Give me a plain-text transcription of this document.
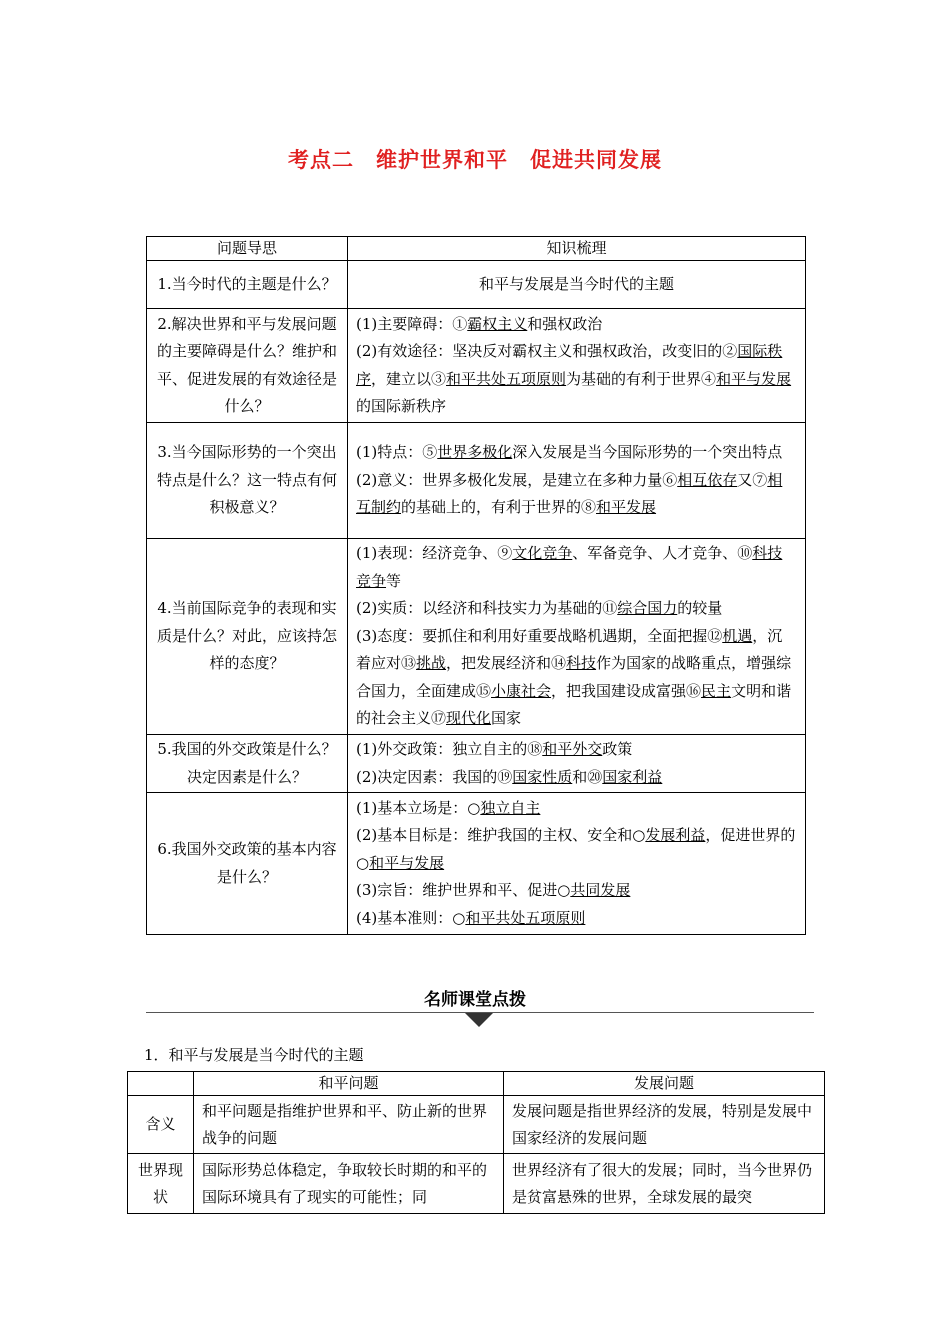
考点二　维护世界和平　促进共同发展
问题导思	知识梳理
1.当今时代的主题是什么？	和平与发展是当今时代的主题

2.解决世界和平与发展问题的主要障碍是什么？维护和平、促进发展的有效途径是什么？	(1)主要障碍：①霸权主义和强权政治
(2)有效途径：坚决反对霸权主义和强权政治，改变旧的②国际秩序，建立以③和平共处五项原则为基础的有利于世界④和平与发展的国际新秩序

3.当今国际形势的一个突出特点是什么？这一特点有何积极意义？	(1)特点：⑤世界多极化深入发展是当今国际形势的一个突出特点
(2)意义：世界多极化发展，是建立在多种力量⑥相互依存又⑦相互制约的基础上的，有利于世界的⑧和平发展

4.当前国际竞争的表现和实质是什么？对此，应该持怎样的态度？	(1)表现：经济竞争、⑨文化竞争、军备竞争、人才竞争、⑩科技竞争等
(2)实质：以经济和科技实力为基础的⑪综合国力的较量
(3)态度：要抓住和利用好重要战略机遇期，全面把握⑫机遇，沉着应对⑬挑战，把发展经济和⑭科技作为国家的战略重点，增强综合国力，全面建成⑮小康社会，把我国建设成富强⑯民主文明和谐的社会主义⑰现代化国家

5.我国的外交政策是什么？决定因素是什么？	(1)外交政策：独立自主的⑱和平外交政策
(2)决定因素：我国的⑲国家性质和⑳国家利益

6.我国外交政策的基本内容是什么？	(1)基本立场是：○独立自主
(2)基本目标是：维护我国的主权、安全和○发展利益，促进世界的○和平与发展
(3)宗旨：维护世界和平、促进○共同发展
(4)基本准则：○和平共处五项原则
名师课堂点拨
1．和平与发展是当今时代的主题
	和平问题	发展问题
含义	和平问题是指维护世界和平、防止新的世界战争的问题	发展问题是指世界经济的发展，特别是发展中国家经济的发展问题
世界现状	国际形势总体稳定，争取较长时期的和平的国际环境具有了现实的可能性；同	世界经济有了很大的发展；同时，当今世界仍是贫富悬殊的世界，全球发展的最突
